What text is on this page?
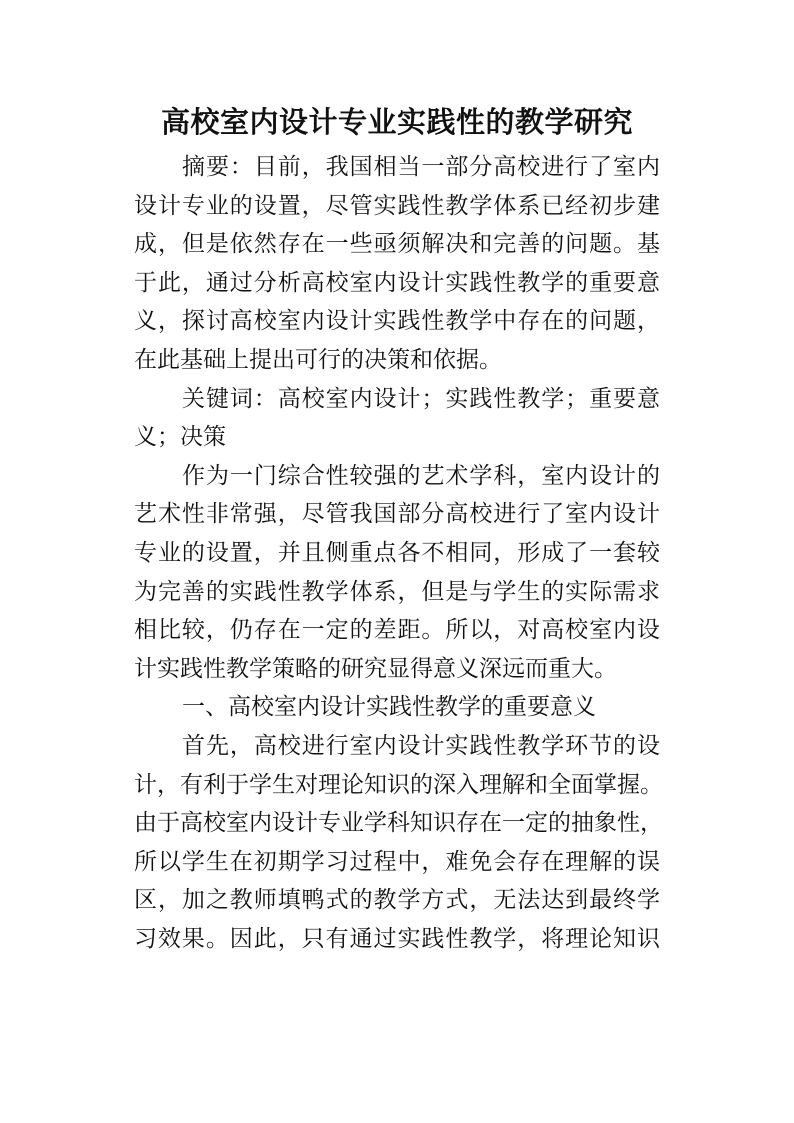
高校室内设计专业实践性的教学研究
摘要：目前，我国相当一部分高校进行了室内
设计专业的设置，尽管实践性教学体系已经初步建
成，但是依然存在一些亟须解决和完善的问题。基
于此，通过分析高校室内设计实践性教学的重要意
义，探讨高校室内设计实践性教学中存在的问题，
在此基础上提出可行的决策和依据。
关键词：高校室内设计；实践性教学；重要意
义；决策
作为一门综合性较强的艺术学科，室内设计的
艺术性非常强，尽管我国部分高校进行了室内设计
专业的设置，并且侧重点各不相同，形成了一套较
为完善的实践性教学体系，但是与学生的实际需求
相比较，仍存在一定的差距。所以，对高校室内设
计实践性教学策略的研究显得意义深远而重大。
一、高校室内设计实践性教学的重要意义
首先，高校进行室内设计实践性教学环节的设
计，有利于学生对理论知识的深入理解和全面掌握。
由于高校室内设计专业学科知识存在一定的抽象性，
所以学生在初期学习过程中，难免会存在理解的误
区，加之教师填鸭式的教学方式，无法达到最终学
习效果。因此，只有通过实践性教学，将理论知识
